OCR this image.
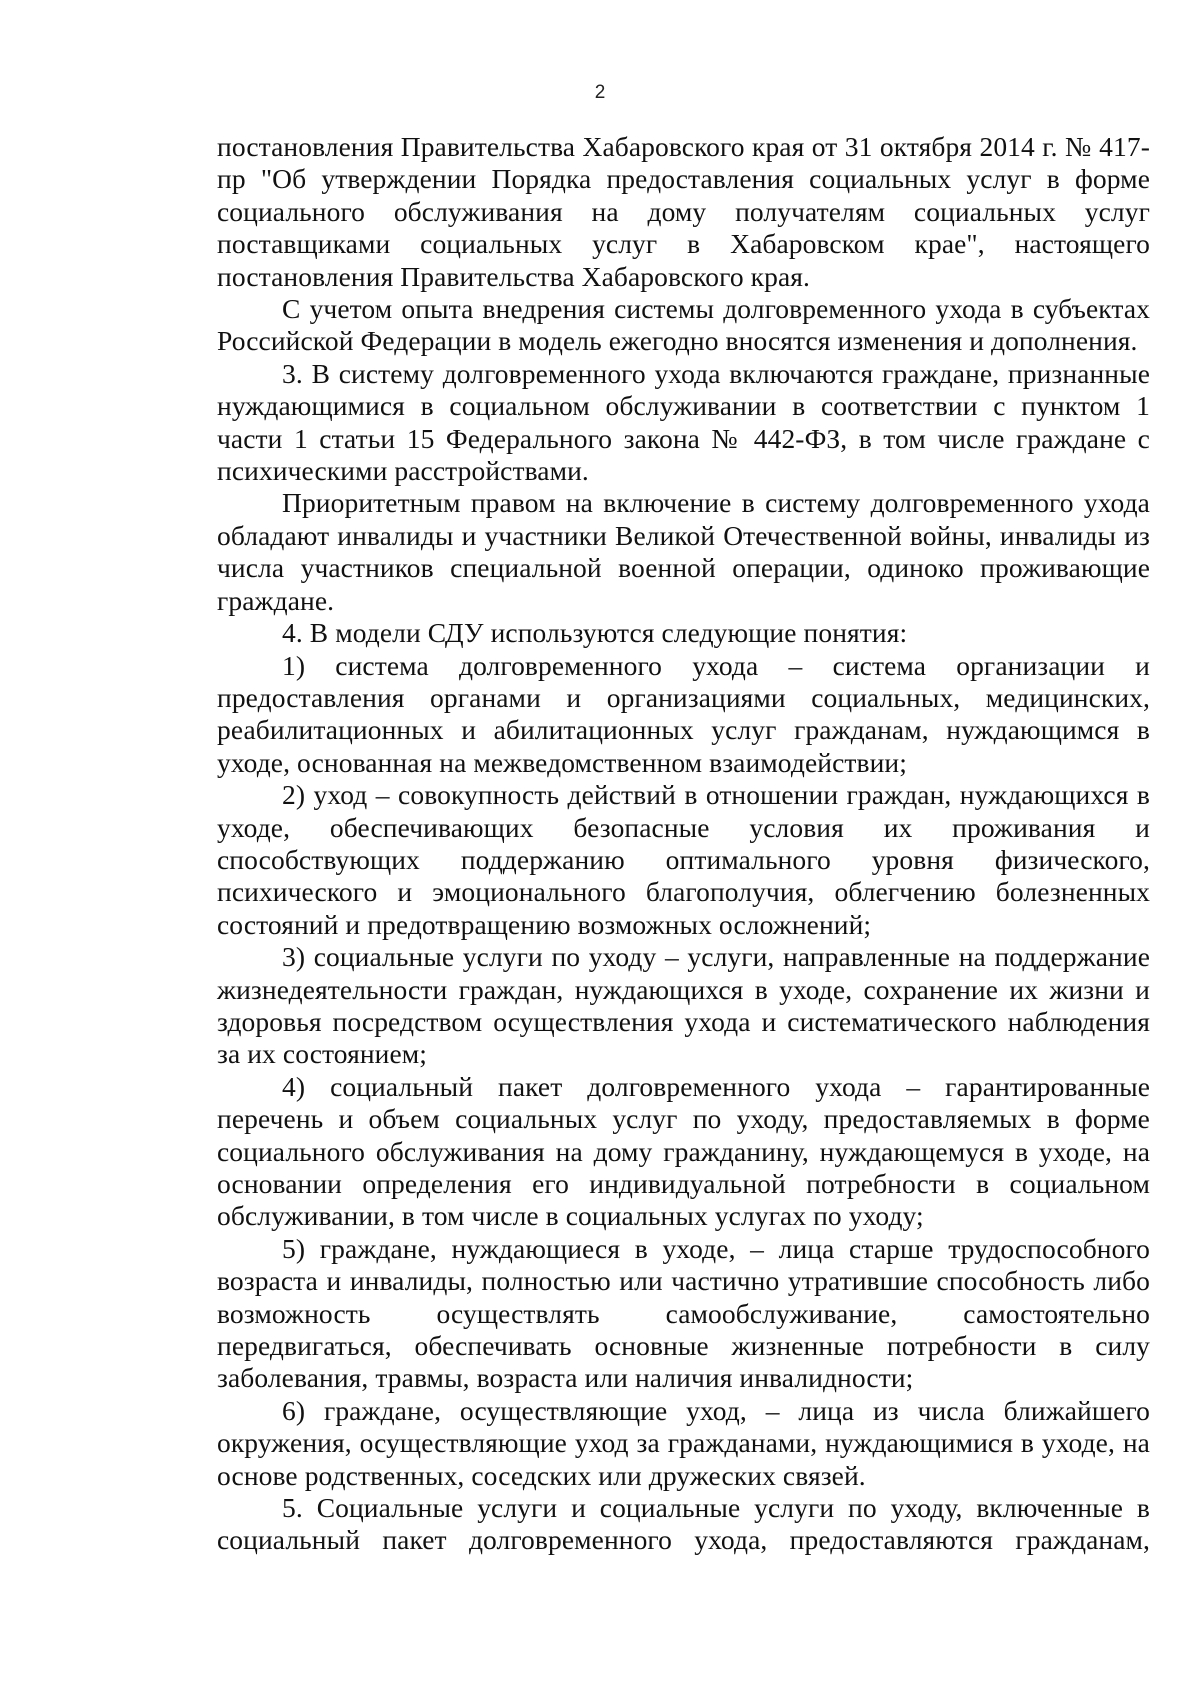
2

постановления Правительства Хабаровского края от 31 октября 2014 г. № 417-пр "Об утверждении Порядка предоставления социальных услуг в форме социального обслуживания на дому получателям социальных услуг поставщиками социальных услуг в Хабаровском крае", настоящего постановления Правительства Хабаровского края.

С учетом опыта внедрения системы долговременного ухода в субъектах Российской Федерации в модель ежегодно вносятся изменения и дополнения.

3. В систему долговременного ухода включаются граждане, признанные нуждающимися в социальном обслуживании в соответствии с пунктом 1 части 1 статьи 15 Федерального закона № 442-ФЗ, в том числе граждане с психическими расстройствами.

Приоритетным правом на включение в систему долговременного ухода обладают инвалиды и участники Великой Отечественной войны, инвалиды из числа участников специальной военной операции, одиноко проживающие граждане.

4. В модели СДУ используются следующие понятия:

1) система долговременного ухода – система организации и предоставления органами и организациями социальных, медицинских, реабилитационных и абилитационных услуг гражданам, нуждающимся в уходе, основанная на межведомственном взаимодействии;

2) уход – совокупность действий в отношении граждан, нуждающихся в уходе, обеспечивающих безопасные условия их проживания и способствующих поддержанию оптимального уровня физического, психического и эмоционального благополучия, облегчению болезненных состояний и предотвращению возможных осложнений;

3) социальные услуги по уходу – услуги, направленные на поддержание жизнедеятельности граждан, нуждающихся в уходе, сохранение их жизни и здоровья посредством осуществления ухода и систематического наблюдения за их состоянием;

4) социальный пакет долговременного ухода – гарантированные перечень и объем социальных услуг по уходу, предоставляемых в форме социального обслуживания на дому гражданину, нуждающемуся в уходе, на основании определения его индивидуальной потребности в социальном обслуживании, в том числе в социальных услугах по уходу;

5) граждане, нуждающиеся в уходе, – лица старше трудоспособного возраста и инвалиды, полностью или частично утратившие способность либо возможность осуществлять самообслуживание, самостоятельно передвигаться, обеспечивать основные жизненные потребности в силу заболевания, травмы, возраста или наличия инвалидности;

6) граждане, осуществляющие уход, – лица из числа ближайшего окружения, осуществляющие уход за гражданами, нуждающимися в уходе, на основе родственных, соседских или дружеских связей.

5. Социальные услуги и социальные услуги по уходу, включенные в социальный пакет долговременного ухода, предоставляются гражданам,
